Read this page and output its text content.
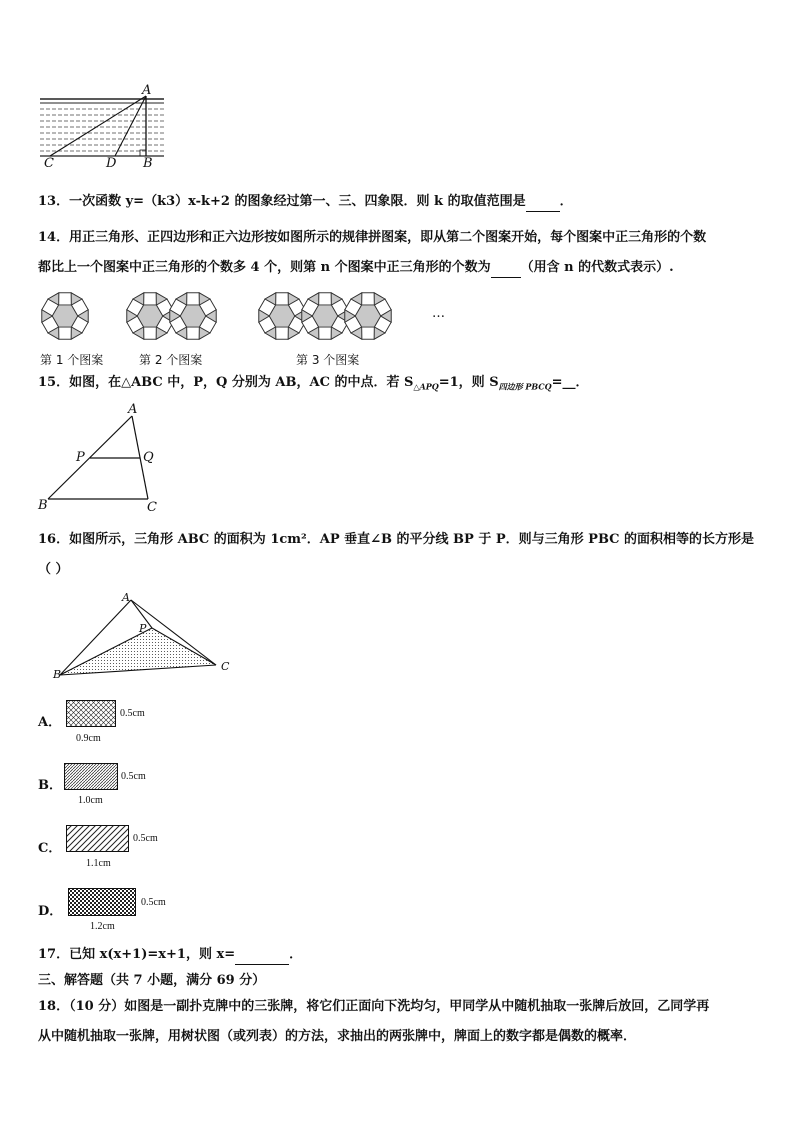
A
C	D B
13．一次函数 y=（k3）x-k+2 的图象经过第一、三、四象限．则 k 的取值范围是	．
14．用正三角形、正四边形和正六边形按如图所示的规律拼图案，即从第二个图案开始，每个图案中正三角形的个数
都比上一个图案中正三角形的个数多 4 个，则第 n 个图案中正三角形的个数为 （用含 n 的代数式表示）.
第 1 个图案	第 2 个图案	第 3 个图案
…
15．如图，在△ABC 中，P，Q 分别为 AB，AC 的中点．若 $S_{\triangle APQ}=1$，则 $S_{四边形 PBCQ}=\_\_$．
A
P	Q
B	C
16．如图所示，三角形 ABC 的面积为 1cm²．AP 垂直∠B 的平分线 BP 于 P．则与三角形 PBC 的面积相等的长方形是
（ ）
A
P
B
C
A．
0.5cm
0.9cm
B．
0.5cm
1.0cm
C．
0.5cm
1.1cm
D．
0.5cm
1.2cm
17．已知 x(x+1)=x+1，则 x=	．
三、解答题（共 7 小题，满分 69 分）
18．（10 分）如图是一副扑克牌中的三张牌，将它们正面向下洗均匀，甲同学从中随机抽取一张牌后放回，乙同学再
从中随机抽取一张牌，用树状图（或列表）的方法，求抽出的两张牌中，牌面上的数字都是偶数的概率．
